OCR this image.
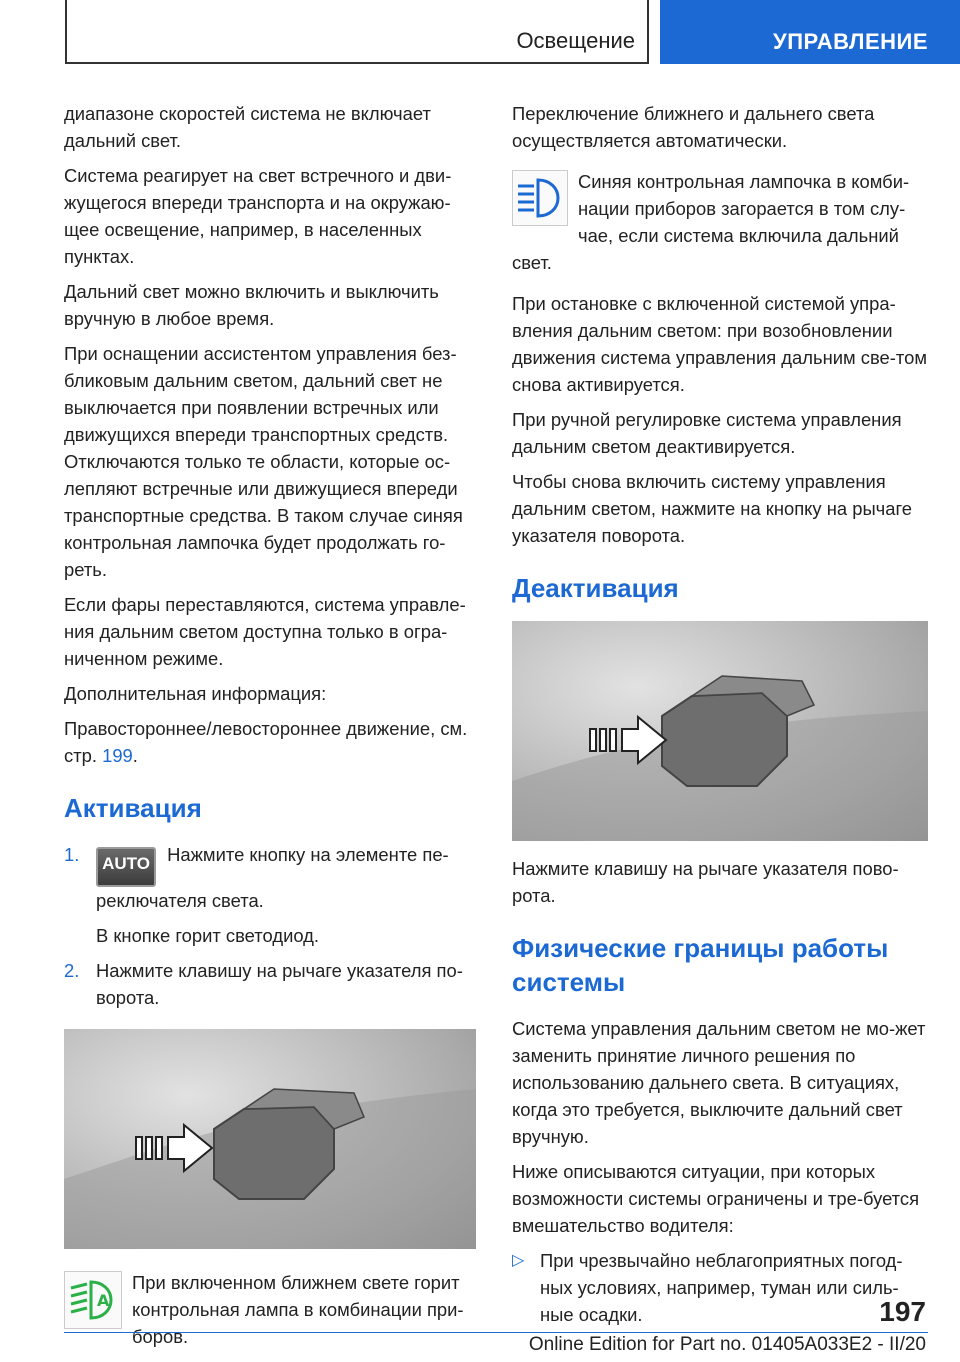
Освещение	УПРАВЛЕНИЕ

диапазоне скоростей система не включает дальний свет.

Система реагирует на свет встречного и дви-жущегося впереди транспорта и на окружаю-щее освещение, например, в населенных пунктах.

Дальний свет можно включить и выключить вручную в любое время.

При оснащении ассистентом управления без-бликовым дальним светом, дальний свет не выключается при появлении встречных или движущихся впереди транспортных средств. Отключаются только те области, которые ос-лепляют встречные или движущиеся впереди транспортные средства. В таком случае синяя контрольная лампочка будет продолжать го-реть.

Если фары переставляются, система управле-ния дальним светом доступна только в огра-ниченном режиме.

Дополнительная информация:

Правостороннее/левостороннее движение, см. стр. 199.

Активация
1. AUTO Нажмите кнопку на элементе пе-реключателя света.
В кнопке горит светодиод.
2. Нажмите клавишу на рычаге указателя по-ворота.
A

При включенном ближнем свете горит контрольная лампа в комбинации при-боров.

Переключение ближнего и дальнего света осуществляется автоматически.

Синяя контрольная лампочка в комби-нации приборов загорается в том слу-чае, если система включила дальний свет.

При остановке с включенной системой упра-вления дальним светом: при возобновлении движения система управления дальним све-том снова активируется.

При ручной регулировке система управления дальним светом деактивируется.

Чтобы снова включить систему управления дальним светом, нажмите на кнопку на рычаге указателя поворота.

Деактивация

Нажмите клавишу на рычаге указателя пово-рота.

Физические границы работы системы

Система управления дальним светом не мо-жет заменить принятие личного решения по использованию дальнего света. В ситуациях, когда это требуется, выключите дальний свет вручную.

Ниже описываются ситуации, при которых возможности системы ограничены и тре-буется вмешательство водителя:

▷ При чрезвычайно неблагоприятных погод-ных условиях, например, туман или силь-ные осадки.	197
Online Edition for Part no. 01405A033E2 - II/20
